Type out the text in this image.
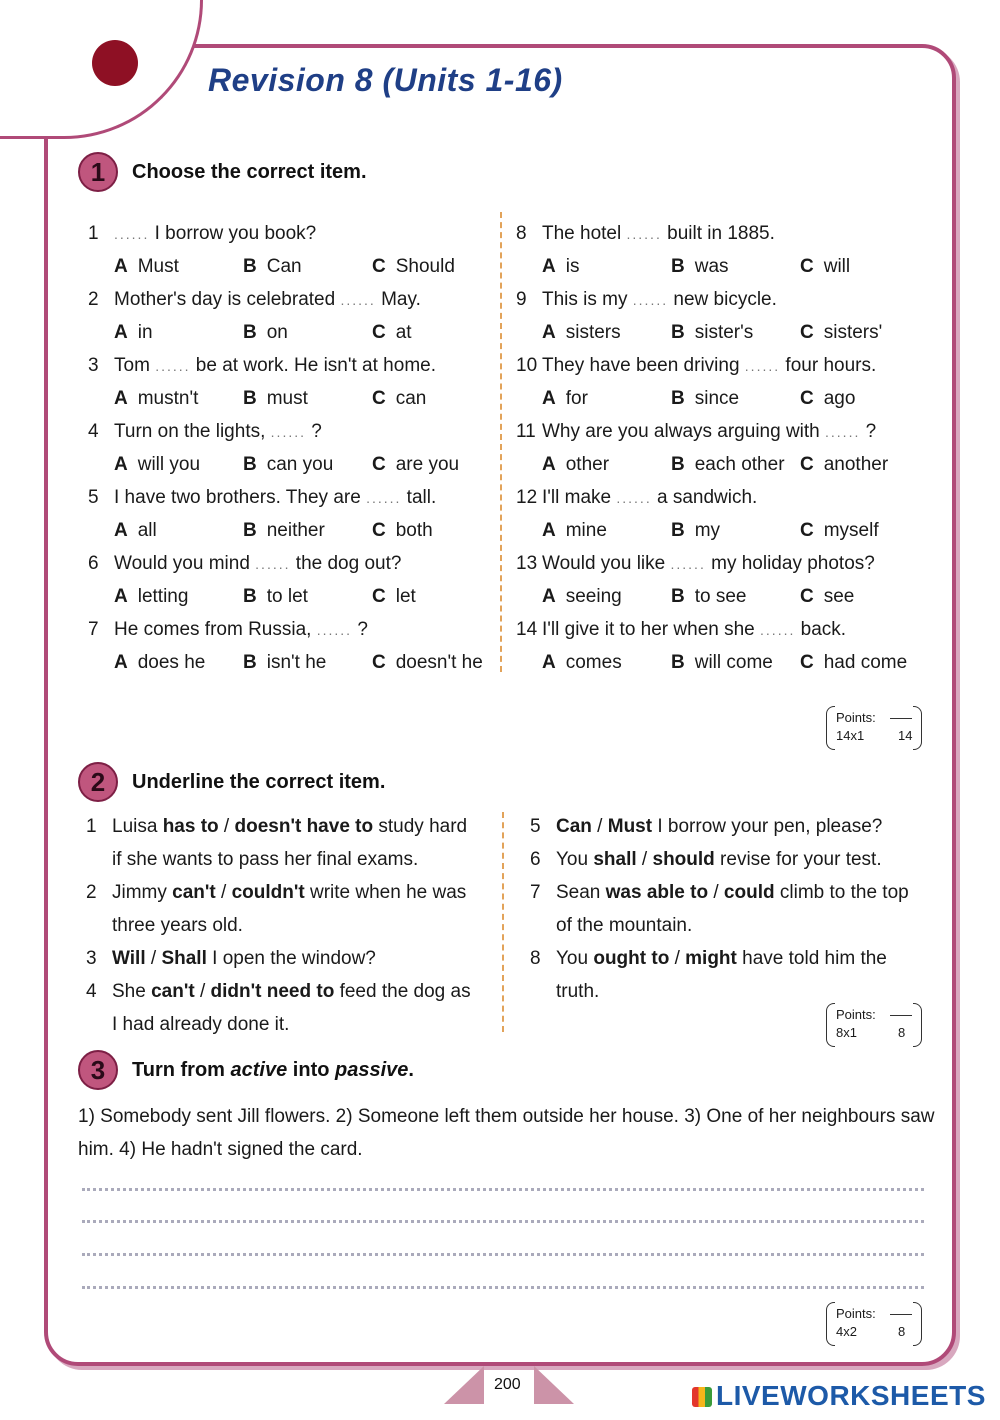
Revision 8 (Units 1-16)
1	Choose the correct item.
1 ...... I borrow you book?
A Must	B Can	C Should
2 Mother's day is celebrated ...... May.
A in	B on	C at
3 Tom ...... be at work. He isn't at home.
A mustn't B must	C can
4 Turn on the lights, ...... ?
A will you B can you C are you
5 I have two brothers. They are ...... tall.
A all	B neither C both
6 Would you mind ...... the dog out?
A letting	B to let	C let
7 He comes from Russia, ...... ?
A does he B isn't he C doesn't he
8 The hotel ...... built in 1885.
A is	B was	C will
9 This is my ...... new bicycle.
A sisters	B sister's C sisters'
10 They have been driving ...... four hours.
A for	B since	C ago
11 Why are you always arguing with ...... ?
A other	B each other C another
12 I'll make ...... a sandwich.
A mine	B my	C myself
13 Would you like ...... my holiday photos?
A seeing	B to see	C see
14 I'll give it to her when she ...... back.
A comes	B will come C had come
Points:
14x1	14
2	Underline the correct item.
1 Luisa has to / doesn't have to study hard
if she wants to pass her final exams.
2 Jimmy can't / couldn't write when he was
three years old.
3 Will / Shall I open the window?
4 She can't / didn't need to feed the dog as
I had already done it.
5 Can / Must I borrow your pen, please?
6 You shall / should revise for your test.
7 Sean was able to / could climb to the top
of the mountain.
8 You ought to / might have told him the
truth.
Points:
8x1	8
3	Turn from active into passive.
1) Somebody sent Jill flowers. 2) Someone left them outside her house. 3) One of her neighbours saw him. 4) He hadn't signed the card.
Points:
4x2	8
200	LIVEWORKSHEETS
